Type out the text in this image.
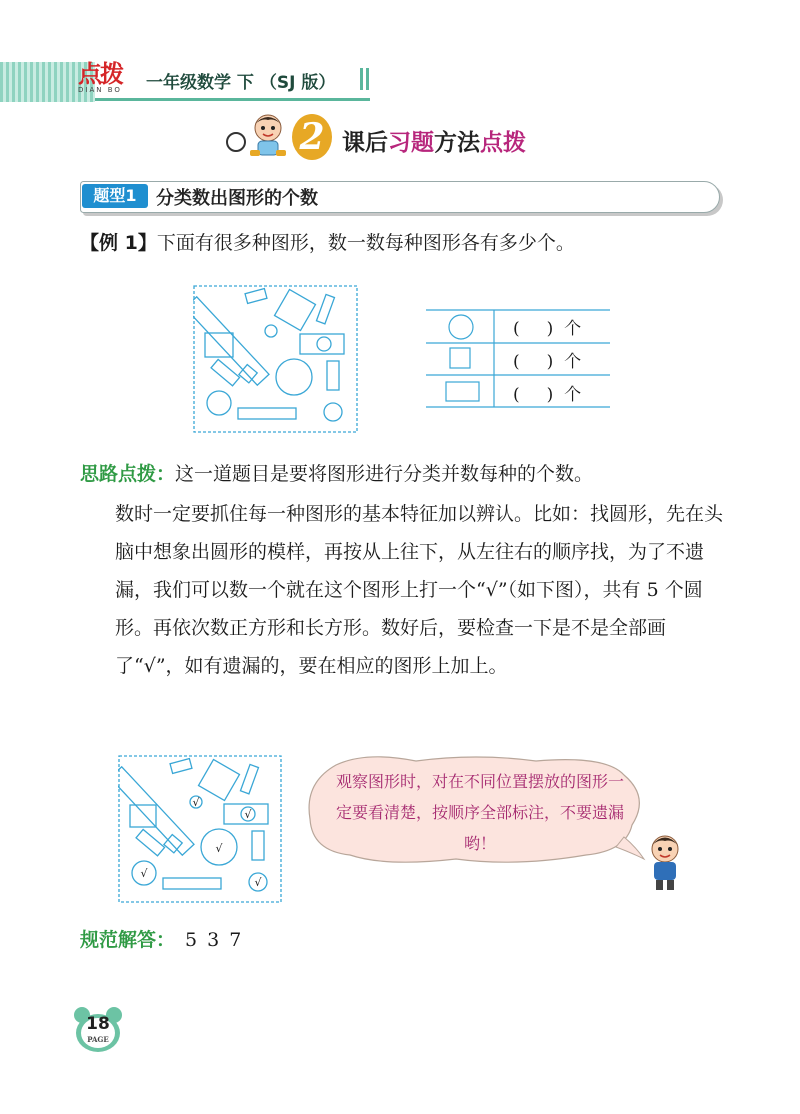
点拨
DIAN BO	一年级数学 下 （SJ 版）
2 课后习题方法点拨
题型1	分类数出图形的个数
【例 1】下面有很多种图形，数一数每种图形各有多少个。
(     ) 个
(     ) 个
(     ) 个
思路点拨：这一道题目是要将图形进行分类并数每种的个数。
数时一定要抓住每一种图形的基本特征加以辨认。比如：找圆形，先在头脑中想象出圆形的模样，再按从上往下，从左往右的顺序找，为了不遗漏，我们可以数一个就在这个图形上打一个“√”（如下图），共有 5 个圆形。再依次数正方形和长方形。数好后，要检查一下是不是全部画了“√”，如有遗漏的，要在相应的图形上加上。
√
√
√
√
√
观察图形时，对在不同位置摆放的图形一定要看清楚，按顺序全部标注，不要遗漏哟！
规范解答： 5 3 7
18
PAGE
